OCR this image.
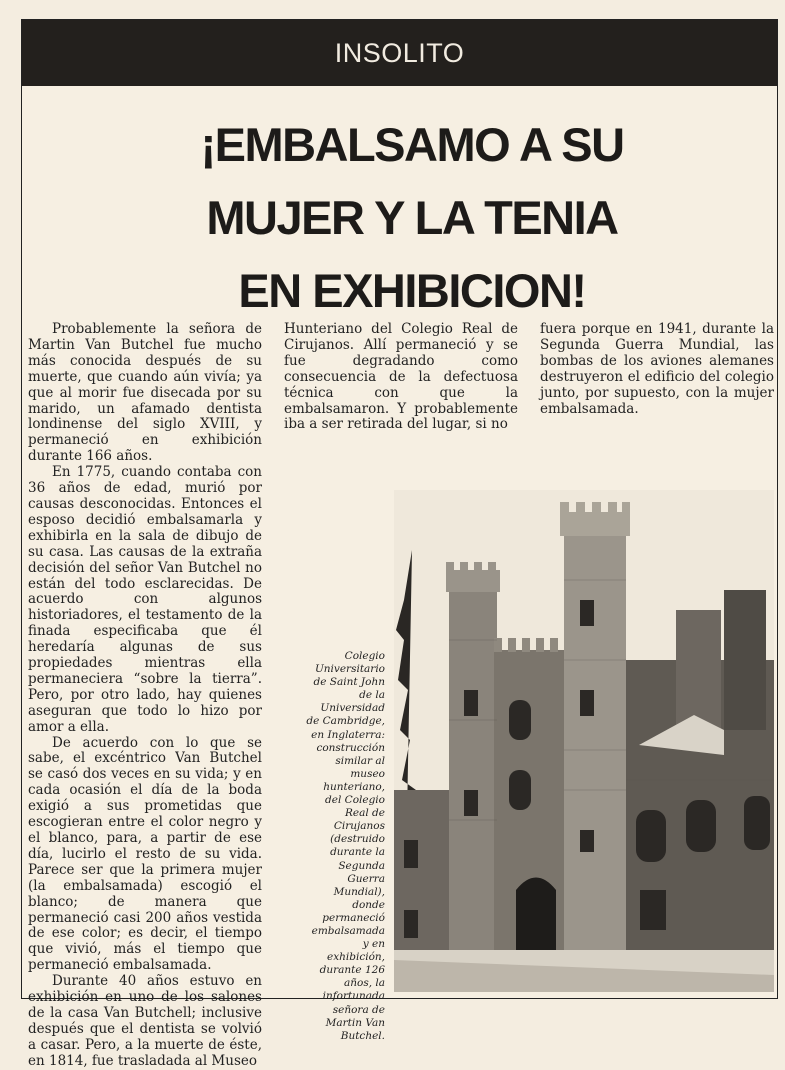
INSOLITO
¡EMBALSAMO A SU
MUJER Y LA TENIA
EN EXHIBICION!

Probablemente la señora de Martin Van Butchel fue mucho más conocida después de su muerte, que cuando aún vivía; ya que al morir fue disecada por su marido, un afamado dentista londinense del siglo XVIII, y permaneció en exhibición durante 166 años.

En 1775, cuando contaba con 36 años de edad, murió por causas desconocidas. Entonces el esposo decidió embalsamarla y exhibirla en la sala de dibujo de su casa. Las causas de la extraña decisión del señor Van Butchel no están del todo esclarecidas. De acuerdo con algunos historiadores, el testamento de la finada especificaba que él heredaría algunas de sus propiedades mientras ella permaneciera “sobre la tierra”. Pero, por otro lado, hay quienes aseguran que todo lo hizo por amor a ella.

De acuerdo con lo que se sabe, el excéntrico Van Butchel se casó dos veces en su vida; y en cada ocasión el día de la boda exigió a sus prometidas que escogieran entre el color negro y el blanco, para, a partir de ese día, lucirlo el resto de su vida. Parece ser que la primera mujer (la embalsamada) escogió el blanco; de manera que permaneció casi 200 años vestida de ese color; es decir, el tiempo que vivió, más el tiempo que permaneció embalsamada.

Durante 40 años estuvo en exhibición en uno de los salones de la casa Van Butchell; inclusive después que el dentista se volvió a casar. Pero, a la muerte de éste, en 1814, fue trasladada al Museo

Hunteriano del Colegio Real de Cirujanos. Allí permaneció y se fue degradando como consecuencia de la defectuosa técnica con que la embalsamaron. Y probablemente iba a ser retirada del lugar, si no

fuera porque en 1941, durante la Segunda Guerra Mundial, las bombas de los aviones alemanes destruyeron el edificio del colegio junto, por supuesto, con la mujer embalsamada.

Colegio Universitario de Saint John de la Universidad de Cambridge, en Inglaterra: construcción similar al museo hunteriano, del Colegio Real de Cirujanos (destruido durante la Segunda Guerra Mundial), donde permaneció embalsamada y en exhibición, durante 126 años, la infortunada señora de Martin Van Butchel.
